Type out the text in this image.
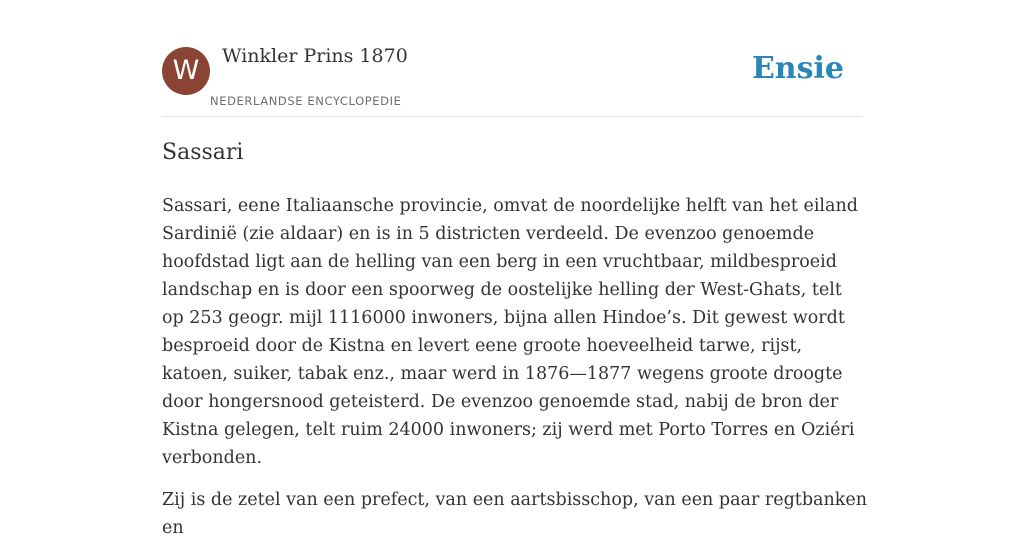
W	Winkler Prins 1870
NEDERLANDSE ENCYCLOPEDIE
Ensie
Sassari

Sassari, eene Italiaansche provincie, omvat de noordelijke helft van het eiland Sardinië (zie aldaar) en is in 5 districten verdeeld. De evenzoo genoemde hoofdstad ligt aan de helling van een berg in een vruchtbaar, mildbesproeid landschap en is door een spoorweg de oostelijke helling der West-Ghats, telt op 253 geogr. mijl 1116000 inwoners, bijna allen Hindoe’s. Dit gewest wordt besproeid door de Kistna en levert eene groote hoeveelheid tarwe, rijst, katoen, suiker, tabak enz., maar werd in 1876—1877 wegens groote droogte door hongersnood geteisterd. De evenzoo genoemde stad, nabij de bron der Kistna gelegen, telt ruim 24000 inwoners; zij werd met Porto Torres en Oziéri verbonden.

Zij is de zetel van een prefect, van een aartsbisschop, van een paar regtbanken en
